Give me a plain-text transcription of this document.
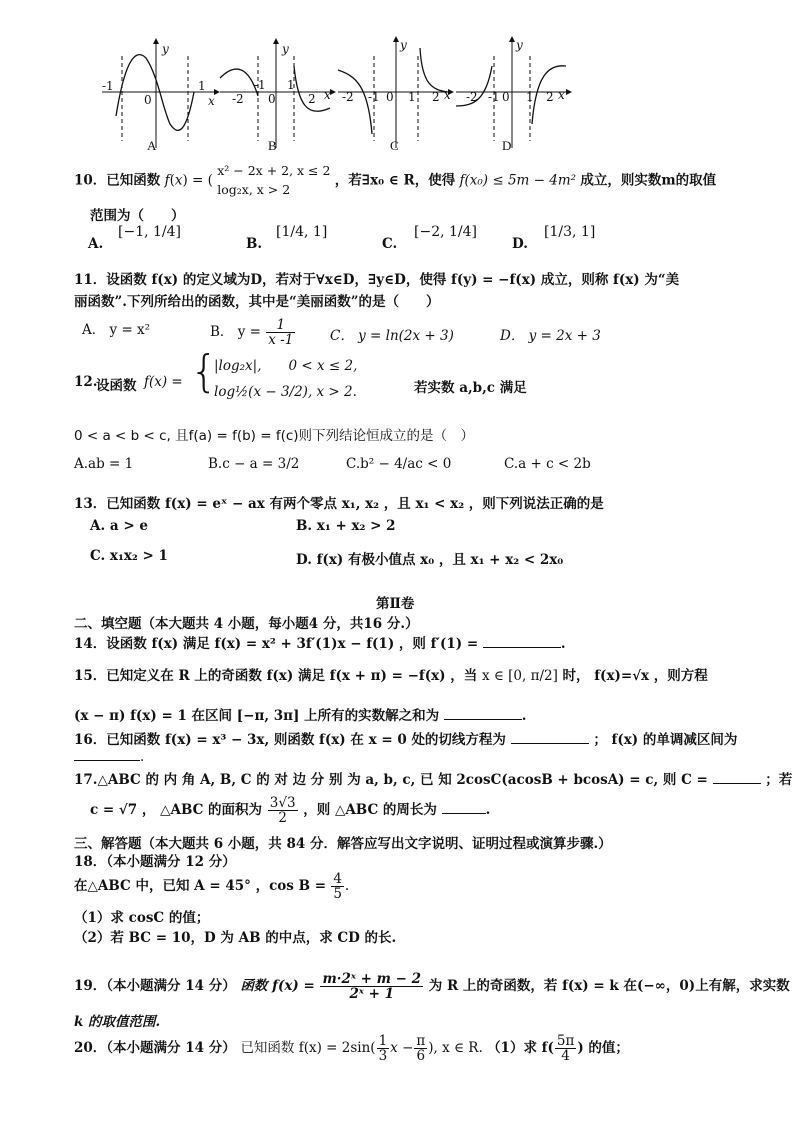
-1
0
1
x
y
-2
-1 1
0	2 x
y
-2 -1 0 1 2 x
y
-2 -1 0 1 2 x
y
A	B	C	D
10．已知函数 f(x) = (
x² − 2x + 2, x ≤ 2
log₂x, x > 2
，若∃x₀ ∈ R，使得 f(x₀) ≤ 5m − 4m² 成立，则实数m的取值
范围为（　　）
A.
[−1, 1/4]
B.
[1/4, 1]
C.
[−2, 1/4]
D.
[1/3, 1]
11．设函数 f(x) 的定义域为D，若对于∀x∈D，∃y∈D，使得 f(y) = −f(x) 成立，则称 f(x) 为“美
丽函数”.下列所给出的函数，其中是“美丽函数”的是（　　）
A． y = x²	B． $y = \frac{1}{x -1}$	C． y = ln(2x + 3)	D． y = 2x + 3
12.
设函数 f(x) = {
|log₂x|,　　0 < x ≤ 2,
log½(x − 3/2), x > 2.	若实数 a,b,c 满足
0 < a < b < c, 且f(a) = f(b) = f(c)则下列结论恒成立的是（　）
A.ab = 1	B.c − a = 3/2	C.b² − 4/ac < 0	C.a + c < 2b
13．已知函数 f(x) = eˣ − ax 有两个零点 x₁, x₂ ，且 x₁ < x₂ ，则下列说法正确的是
A. a > e	B. x₁ + x₂ > 2
C. x₁x₂ > 1	D. f(x) 有极小值点 x₀ ，且 x₁ + x₂ < 2x₀
第Ⅱ卷
二、填空题（本大题共 4 小题，每小题4 分，共16 分.）
14．设函数 f(x) 满足 f(x) = x² + 3f′(1)x − f(1) ，则 f′(1) =	.
15．已知定义在 R 上的奇函数 f(x) 满足 f(x + π) = −f(x) ，当 x ∈ [0, π/2] 时， f(x)=√x ，则方程
(x − π) f(x) = 1 在区间 [−π, 3π] 上所有的实数解之和为	.
16．已知函数 f(x) = x³ − 3x, 则函数 f(x) 在 x = 0 处的切线方程为	； f(x) 的单调减区间为
.
17.△ABC 的 内 角 A, B, C 的 对 边 分 别 为 a, b, c, 已 知 2cosC(acosB + bcosA) = c, 则 C =	；若
c = √7 ， △ABC 的面积为 $\frac{3√3}{2}$ ，则 △ABC 的周长为	.
三、解答题（本大题共 6 小题，共 84 分．解答应写出文字说明、证明过程或演算步骤.）
18．（本小题满分 12 分）
在△ABC 中，已知 A = 45° ，$\cos B = \frac{4}{5}$ .
（1）求 cosC 的值；
（2）若 BC = 10，D 为 AB 的中点，求 CD 的长.
19．（本小题满分 14 分） 函数 $f(x) = \frac{\text{m·2ˣ + m − 2}}{\text{2ˣ + 1}}$ 为 R 上的奇函数，若 f(x) = k 在(−∞，0)上有解，求实数
k 的取值范围.
20．（本小题满分 14 分） 已知函数 $f(x) = 2\sin( \frac{1}{3}$ $x - \frac{\pi}{6}$ ), x ∈ R. （1）求 $f( \frac{5\pi}{4}$ ) 的值；
